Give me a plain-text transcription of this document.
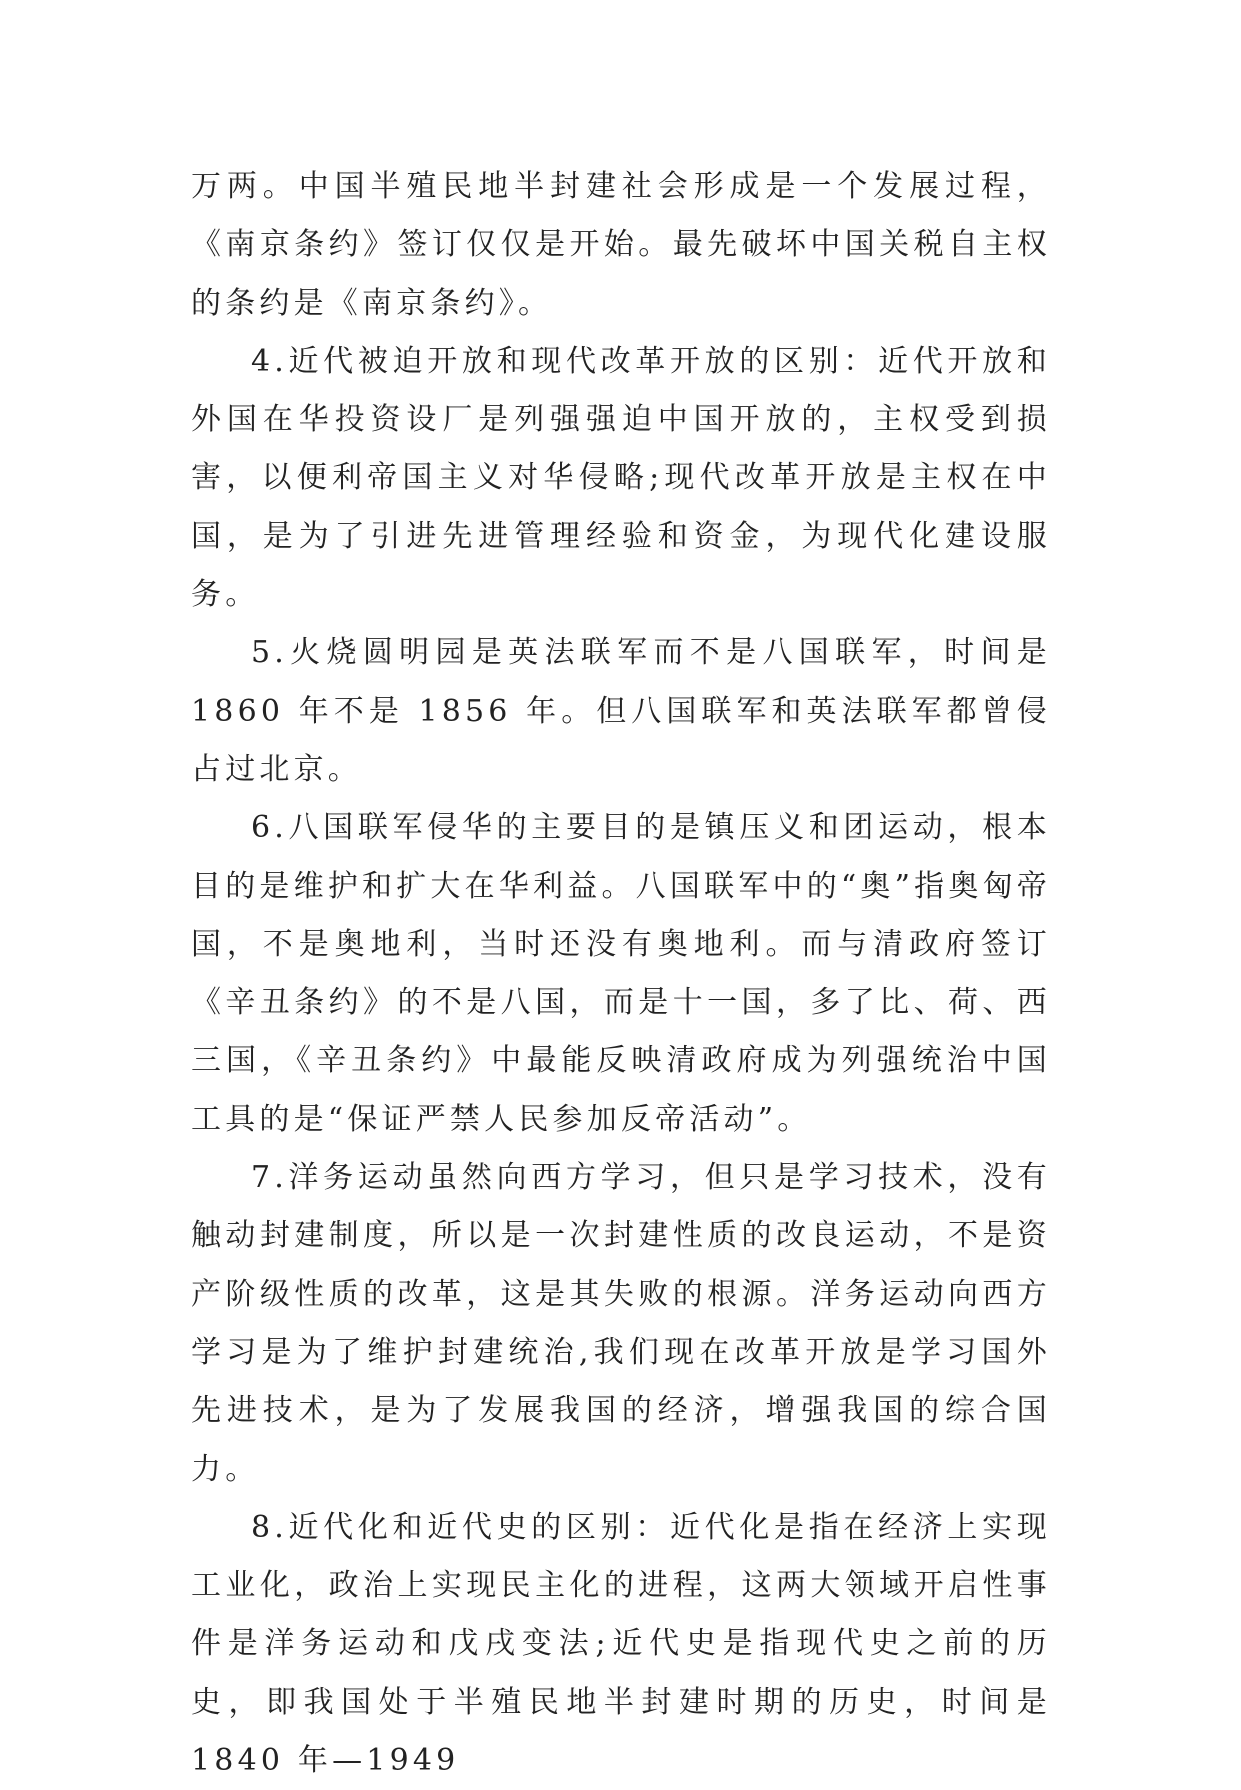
万两。中国半殖民地半封建社会形成是一个发展过程，《南京条约》签订仅仅是开始。最先破坏中国关税自主权的条约是《南京条约》。

4.近代被迫开放和现代改革开放的区别：近代开放和外国在华投资设厂是列强强迫中国开放的，主权受到损害，以便利帝国主义对华侵略;现代改革开放是主权在中国，是为了引进先进管理经验和资金，为现代化建设服务。

5.火烧圆明园是英法联军而不是八国联军，时间是 1860 年不是 1856 年。但八国联军和英法联军都曾侵占过北京。

6.八国联军侵华的主要目的是镇压义和团运动，根本目的是维护和扩大在华利益。八国联军中的“奥”指奥匈帝国，不是奥地利，当时还没有奥地利。而与清政府签订《辛丑条约》的不是八国，而是十一国，多了比、荷、西三国，《辛丑条约》中最能反映清政府成为列强统治中国工具的是“保证严禁人民参加反帝活动”。

7.洋务运动虽然向西方学习，但只是学习技术，没有触动封建制度，所以是一次封建性质的改良运动，不是资产阶级性质的改革，这是其失败的根源。洋务运动向西方学习是为了维护封建统治,我们现在改革开放是学习国外先进技术，是为了发展我国的经济，增强我国的综合国力。

8.近代化和近代史的区别：近代化是指在经济上实现工业化，政治上实现民主化的进程，这两大领域开启性事件是洋务运动和戊戌变法;近代史是指现代史之前的历史，即我国处于半殖民地半封建时期的历史，时间是 1840 年—1949
